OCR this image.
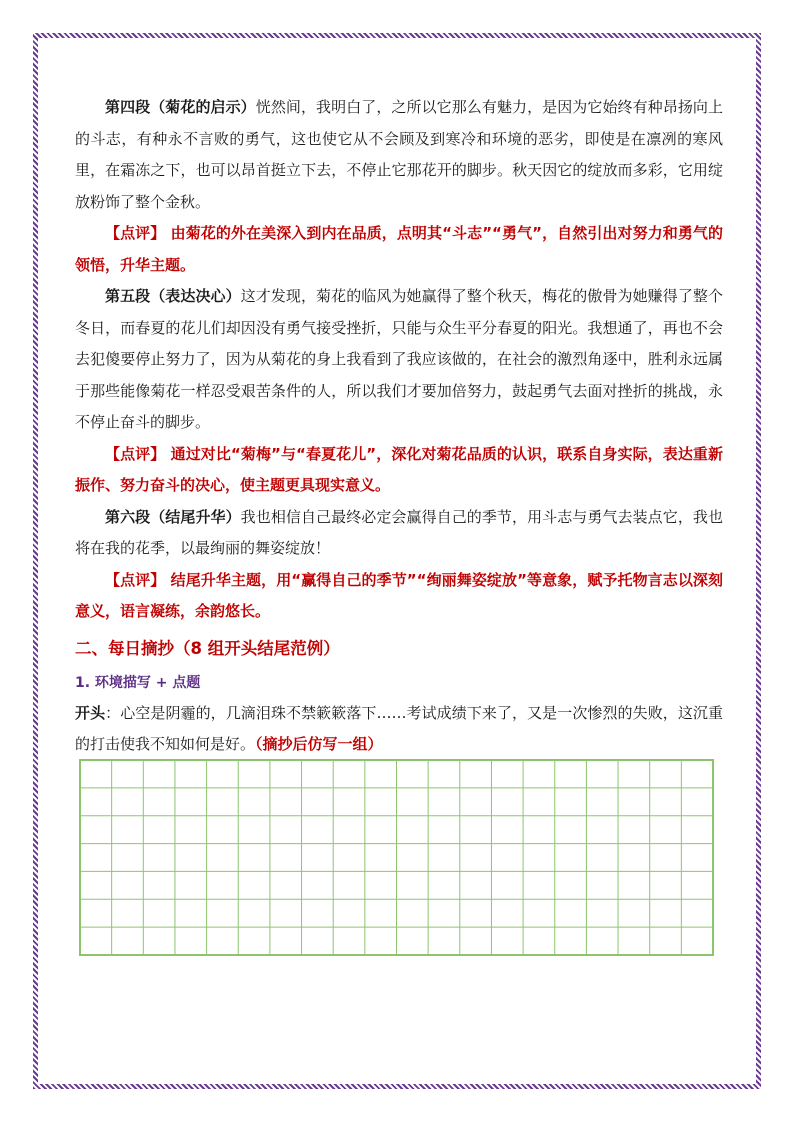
第四段（菊花的启示）恍然间，我明白了，之所以它那么有魅力，是因为它始终有种昂扬向上的斗志，有种永不言败的勇气，这也使它从不会顾及到寒冷和环境的恶劣，即使是在凛冽的寒风里，在霜冻之下，也可以昂首挺立下去，不停止它那花开的脚步。秋天因它的绽放而多彩，它用绽放粉饰了整个金秋。

【点评】 由菊花的外在美深入到内在品质，点明其“斗志”“勇气”，自然引出对努力和勇气的领悟，升华主题。

第五段（表达决心）这才发现，菊花的临风为她赢得了整个秋天，梅花的傲骨为她赚得了整个冬日，而春夏的花儿们却因没有勇气接受挫折，只能与众生平分春夏的阳光。我想通了，再也不会去犯傻要停止努力了，因为从菊花的身上我看到了我应该做的，在社会的激烈角逐中，胜利永远属于那些能像菊花一样忍受艰苦条件的人，所以我们才要加倍努力，鼓起勇气去面对挫折的挑战，永不停止奋斗的脚步。

【点评】 通过对比“菊梅”与“春夏花儿”，深化对菊花品质的认识，联系自身实际，表达重新振作、努力奋斗的决心，使主题更具现实意义。

第六段（结尾升华）我也相信自己最终必定会赢得自己的季节，用斗志与勇气去装点它，我也将在我的花季，以最绚丽的舞姿绽放！

【点评】 结尾升华主题，用“赢得自己的季节”“绚丽舞姿绽放”等意象，赋予托物言志以深刻意义，语言凝练，余韵悠长。

二、每日摘抄（8 组开头结尾范例）
1. 环境描写 + 点题

开头：心空是阴霾的，几滴泪珠不禁簌簌落下……考试成绩下来了，又是一次惨烈的失败，这沉重的打击使我不知如何是好。（摘抄后仿写一组）
